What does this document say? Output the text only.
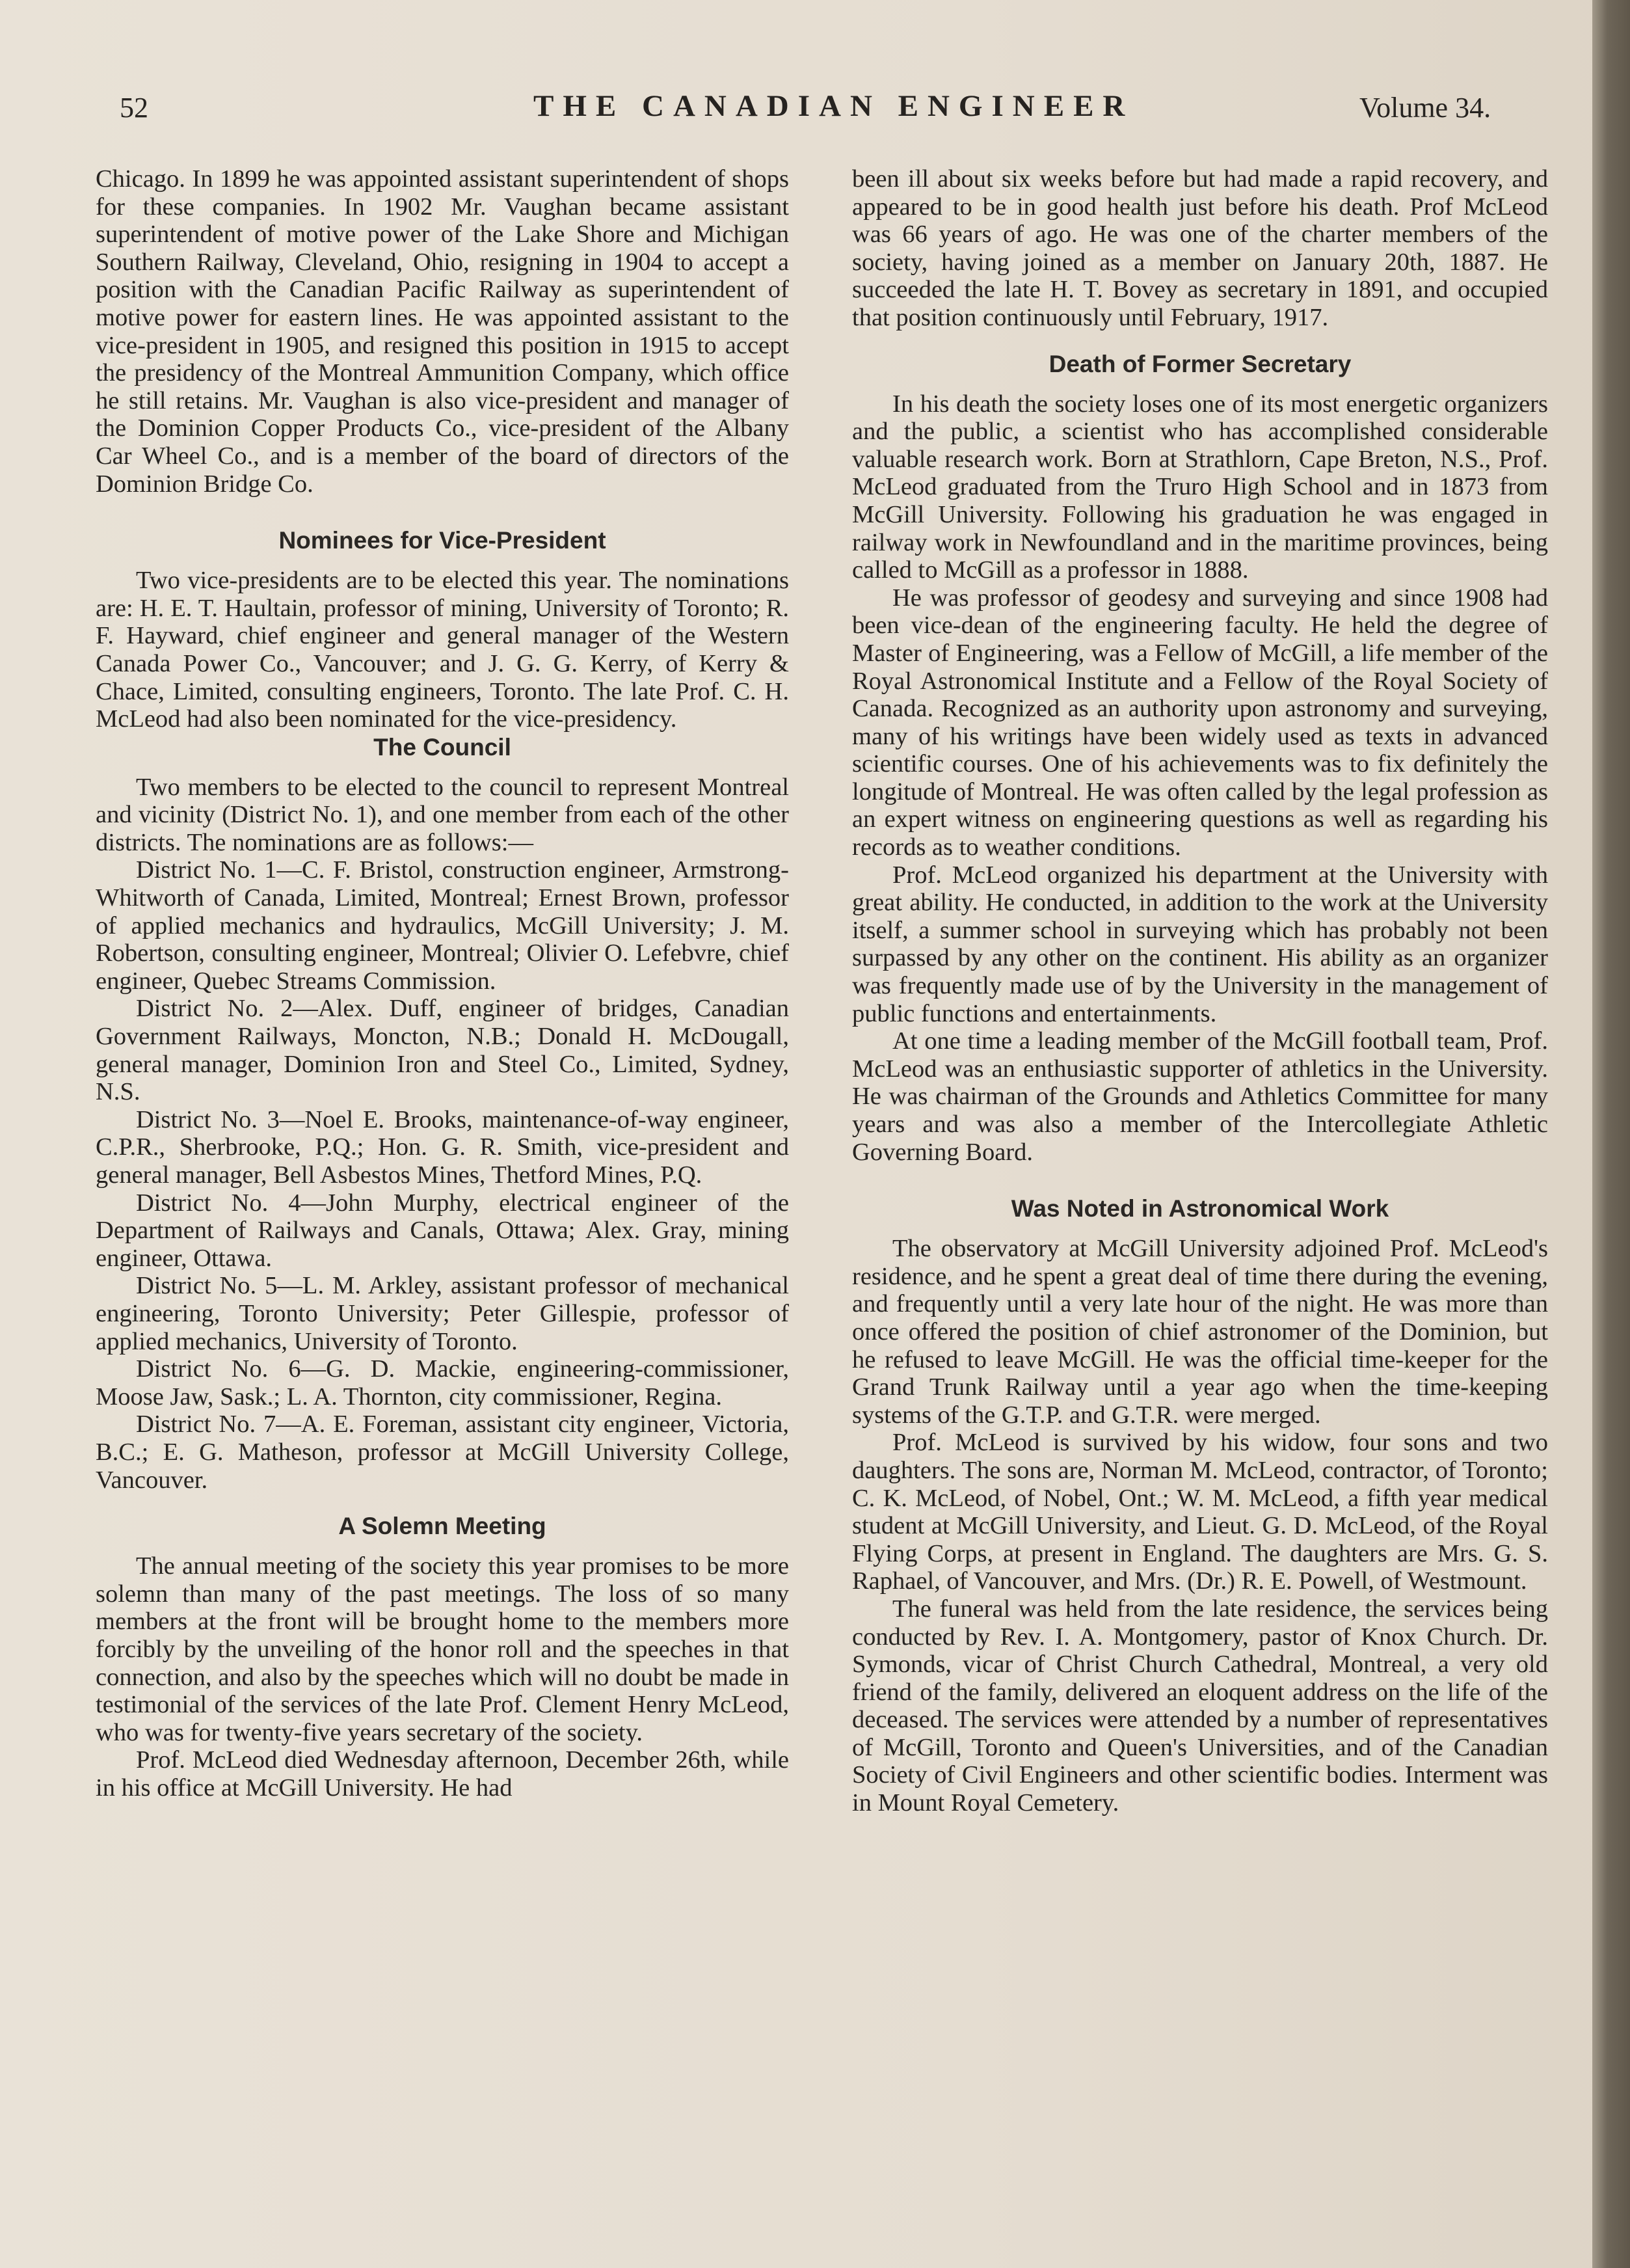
52	THE CANADIAN ENGINEER	Volume 34.

Chicago. In 1899 he was appointed assistant superintendent of shops for these companies. In 1902 Mr. Vaughan became assistant superintendent of motive power of the Lake Shore and Michigan Southern Railway, Cleveland, Ohio, resigning in 1904 to accept a position with the Canadian Pacific Railway as superintendent of motive power for eastern lines. He was appointed assistant to the vice-president in 1905, and resigned this position in 1915 to accept the presidency of the Montreal Ammunition Company, which office he still retains. Mr. Vaughan is also vice-president and manager of the Dominion Copper Products Co., vice-president of the Albany Car Wheel Co., and is a member of the board of directors of the Dominion Bridge Co.

Nominees for Vice-President

Two vice-presidents are to be elected this year. The nominations are: H. E. T. Haultain, professor of mining, University of Toronto; R. F. Hayward, chief engineer and general manager of the Western Canada Power Co., Vancouver; and J. G. G. Kerry, of Kerry & Chace, Limited, consulting engineers, Toronto. The late Prof. C. H. McLeod had also been nominated for the vice-presidency.

The Council

Two members to be elected to the council to represent Montreal and vicinity (District No. 1), and one member from each of the other districts. The nominations are as follows:—

District No. 1—C. F. Bristol, construction engineer, Armstrong-Whitworth of Canada, Limited, Montreal; Ernest Brown, professor of applied mechanics and hydraulics, McGill University; J. M. Robertson, consulting engineer, Montreal; Olivier O. Lefebvre, chief engineer, Quebec Streams Commission.

District No. 2—Alex. Duff, engineer of bridges, Canadian Government Railways, Moncton, N.B.; Donald H. McDougall, general manager, Dominion Iron and Steel Co., Limited, Sydney, N.S.

District No. 3—Noel E. Brooks, maintenance-of-way engineer, C.P.R., Sherbrooke, P.Q.; Hon. G. R. Smith, vice-president and general manager, Bell Asbestos Mines, Thetford Mines, P.Q.

District No. 4—John Murphy, electrical engineer of the Department of Railways and Canals, Ottawa; Alex. Gray, mining engineer, Ottawa.

District No. 5—L. M. Arkley, assistant professor of mechanical engineering, Toronto University; Peter Gillespie, professor of applied mechanics, University of Toronto.

District No. 6—G. D. Mackie, engineering-commissioner, Moose Jaw, Sask.; L. A. Thornton, city commissioner, Regina.

District No. 7—A. E. Foreman, assistant city engineer, Victoria, B.C.; E. G. Matheson, professor at McGill University College, Vancouver.

A Solemn Meeting

The annual meeting of the society this year promises to be more solemn than many of the past meetings. The loss of so many members at the front will be brought home to the members more forcibly by the unveiling of the honor roll and the speeches in that connection, and also by the speeches which will no doubt be made in testimonial of the services of the late Prof. Clement Henry McLeod, who was for twenty-five years secretary of the society.

Prof. McLeod died Wednesday afternoon, December 26th, while in his office at McGill University. He had

been ill about six weeks before but had made a rapid recovery, and appeared to be in good health just before his death. Prof McLeod was 66 years of ago. He was one of the charter members of the society, having joined as a member on January 20th, 1887. He succeeded the late H. T. Bovey as secretary in 1891, and occupied that position continuously until February, 1917.

Death of Former Secretary

In his death the society loses one of its most energetic organizers and the public, a scientist who has accomplished considerable valuable research work. Born at Strathlorn, Cape Breton, N.S., Prof. McLeod graduated from the Truro High School and in 1873 from McGill University. Following his graduation he was engaged in railway work in Newfoundland and in the maritime provinces, being called to McGill as a professor in 1888.

He was professor of geodesy and surveying and since 1908 had been vice-dean of the engineering faculty. He held the degree of Master of Engineering, was a Fellow of McGill, a life member of the Royal Astronomical Institute and a Fellow of the Royal Society of Canada. Recognized as an authority upon astronomy and surveying, many of his writings have been widely used as texts in advanced scientific courses. One of his achievements was to fix definitely the longitude of Montreal. He was often called by the legal profession as an expert witness on engineering questions as well as regarding his records as to weather conditions.

Prof. McLeod organized his department at the University with great ability. He conducted, in addition to the work at the University itself, a summer school in surveying which has probably not been surpassed by any other on the continent. His ability as an organizer was frequently made use of by the University in the management of public functions and entertainments.

At one time a leading member of the McGill football team, Prof. McLeod was an enthusiastic supporter of athletics in the University. He was chairman of the Grounds and Athletics Committee for many years and was also a member of the Intercollegiate Athletic Governing Board.

Was Noted in Astronomical Work

The observatory at McGill University adjoined Prof. McLeod's residence, and he spent a great deal of time there during the evening, and frequently until a very late hour of the night. He was more than once offered the position of chief astronomer of the Dominion, but he refused to leave McGill. He was the official time-keeper for the Grand Trunk Railway until a year ago when the time-keeping systems of the G.T.P. and G.T.R. were merged.

Prof. McLeod is survived by his widow, four sons and two daughters. The sons are, Norman M. McLeod, contractor, of Toronto; C. K. McLeod, of Nobel, Ont.; W. M. McLeod, a fifth year medical student at McGill University, and Lieut. G. D. McLeod, of the Royal Flying Corps, at present in England. The daughters are Mrs. G. S. Raphael, of Vancouver, and Mrs. (Dr.) R. E. Powell, of Westmount.

The funeral was held from the late residence, the services being conducted by Rev. I. A. Montgomery, pastor of Knox Church. Dr. Symonds, vicar of Christ Church Cathedral, Montreal, a very old friend of the family, delivered an eloquent address on the life of the deceased. The services were attended by a number of representatives of McGill, Toronto and Queen's Universities, and of the Canadian Society of Civil Engineers and other scientific bodies. Interment was in Mount Royal Cemetery.
